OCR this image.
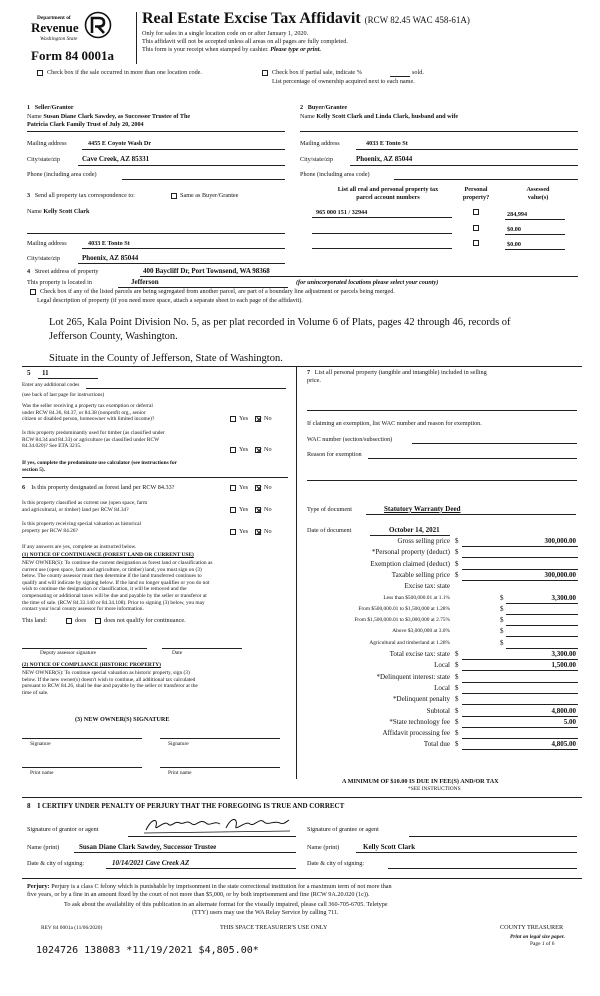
Department of
Revenue
Washington State
Form 84 0001a
Real Estate Excise Tax Affidavit (RCW 82.45 WAC 458-61A)
Only for sales in a single location code on or after January 1, 2020.
This affidavit will not be accepted unless all areas on all pages are fully completed.
This form is your receipt when stamped by cashier. Please type or print.
Check box if the sale occurred in more than one location code.	Check box if partial sale, indicate %	sold.
List percentage of ownership acquired next to each name.
1 Seller/Grantor
Name Susan Diane Clark Sawdey, as Successor Trustee of The
Patricia Clark Family Trust of July 20, 2004
Mailing address	4455 E Coyote Wash Dr
City/state/zip	Cave Creek, AZ 85331
Phone (including area code)
2 Buyer/Grantee
Name Kelly Scott Clark and Linda Clark, husband and wife
Mailing address	4033 E Tonto St
City/state/zip	Phoenix, AZ 85044
Phone (including area code)
3 Send all property tax correspondence to:	Same as Buyer/Grantee
Name Kelly Scott Clark
Mailing address	4033 E Tonto St
City/state/zip	Phoenix, AZ 85044
List all real and personal property tax
parcel account numbers
Personal
property?
Assessed
value(s)
965 000 151 / 32944	284,994
$0.00
$0.00
4 Street address of property	400 Baycliff Dr, Port Townsend, WA 98368
This property is located in	Jefferson	(for unincorporated locations please select your county)
Check box if any of the listed parcels are being segregated from another parcel, are part of a boundary line adjustment or parcels being merged.
Legal description of property (if you need more space, attach a separate sheet to each page of the affidavit).
Lot 265, Kala Point Division No. 5, as per plat recorded in Volume 6 of Plats, pages 42 through 46, records of
Jefferson County, Washington.
Situate in the County of Jefferson, State of Washington.
5 11
Enter any additional codes
(see back of last page for instructions)
Was the seller receiving a property tax exemption or deferral
under RCW 84.36, 84.37, or 84.38 (nonprofit org., senior
citizen or disabled person, homeowner with limited income)?	Yes	No
Is this property predominantly used for timber (as classified under
RCW 84.34 and 84.33) or agriculture (as classified under RCW
84.34.020)? See ETA 3215.	Yes	No
If yes, complete the predominate use calculator (see instructions for
section 5).
6 Is this property designated as forest land per RCW 84.33?	Yes	No
Is this property classified as current use (open space, farm
and agricultural, or timber) land per RCW 84.34?	Yes	No
Is this property receiving special valuation as historical
property per RCW 84.26?	Yes	No
If any answers are yes, complete as instructed below.
(1) NOTICE OF CONTINUANCE (FOREST LAND OR CURRENT USE)
NEW OWNER(S): To continue the current designation as forest land or classification as
current use (open space, farm and agriculture, or timber) land, you must sign on (3)
below. The county assessor must then determine if the land transferred continues to
qualify and will indicate by signing below. If the land no longer qualifies or you do not
wish to continue the designation or classification, it will be removed and the
compensating or additional taxes will be due and payable by the seller or transferor at
the time of sale. (RCW 84.33.140 or 84.34.108). Prior to signing (3) below, you may
contact your local county assessor for more information.
This land:	does	does not qualify for continuance.
Deputy assessor signature	Date
(2) NOTICE OF COMPLIANCE (HISTORIC PROPERTY)
NEW OWNER(S): To continue special valuation as historic property, sign (3)
below. If the new owner(s) doesn't wish to continue, all additional tax calculated
pursuant to RCW 84.26, shall be due and payable by the seller or transferor at the
time of sale.
(3) NEW OWNER(S) SIGNATURE
Signature	Signature
Print name	Print name
7 List all personal property (tangible and intangible) included in selling
price.
If claiming an exemption, list WAC number and reason for exemption.
WAC number (section/subsection)
Reason for exemption
Type of document	Statutory Warranty Deed
Date of document	October 14, 2021
Gross selling price $	300,000.00
*Personal property (deduct) $
Exemption claimed (deduct) $
Taxable selling price $	300,000.00
Excise tax: state
Less than $500,000.01 at 1.1%	$	3,300.00
From $500,000.01 to $1,500,000 at 1.28%	$
From $1,500,000.01 to $3,000,000 at 2.75%	$
Above $3,000,000 at 3.0%	$
Agricultural and timberland at 1.28%	$
Total excise tax: state $	3,300.00
Local $	1,500.00
*Delinquent interest: state $
Local $
*Delinquent penalty $
Subtotal $	4,800.00
*State technology fee $	5.00
Affidavit processing fee $
Total due $	4,805.00
A MINIMUM OF $10.00 IS DUE IN FEE(S) AND/OR TAX
*SEE INSTRUCTIONS
8 I CERTIFY UNDER PENALTY OF PERJURY THAT THE FOREGOING IS TRUE AND CORRECT
Signature of grantor or agent	Signature of grantee or agent
Name (print)	Susan Diane Clark Sawdey, Successor Trustee	Name (print)	Kelly Scott Clark
Date & city of signing:	10/14/2021 Cave Creek AZ	Date & city of signing:
Perjury: Perjury is a class C felony which is punishable by imprisonment in the state correctional institution for a maximum term of not more than
five years, or by a fine in an amount fixed by the court of not more than $5,000, or by both imprisonment and fine (RCW 9A.20.020 (1c)).
To ask about the availability of this publication in an alternate format for the visually impaired, please call 360-705-6705. Teletype
(TTY) users may use the WA Relay Service by calling 711.
REV 84 0001a (11/06/2020)	THIS SPACE TREASURER'S USE ONLY	COUNTY TREASURER
Print on legal size paper.
Page 1 of 6
1024726 138083 *11/19/2021 $4,805.00*
